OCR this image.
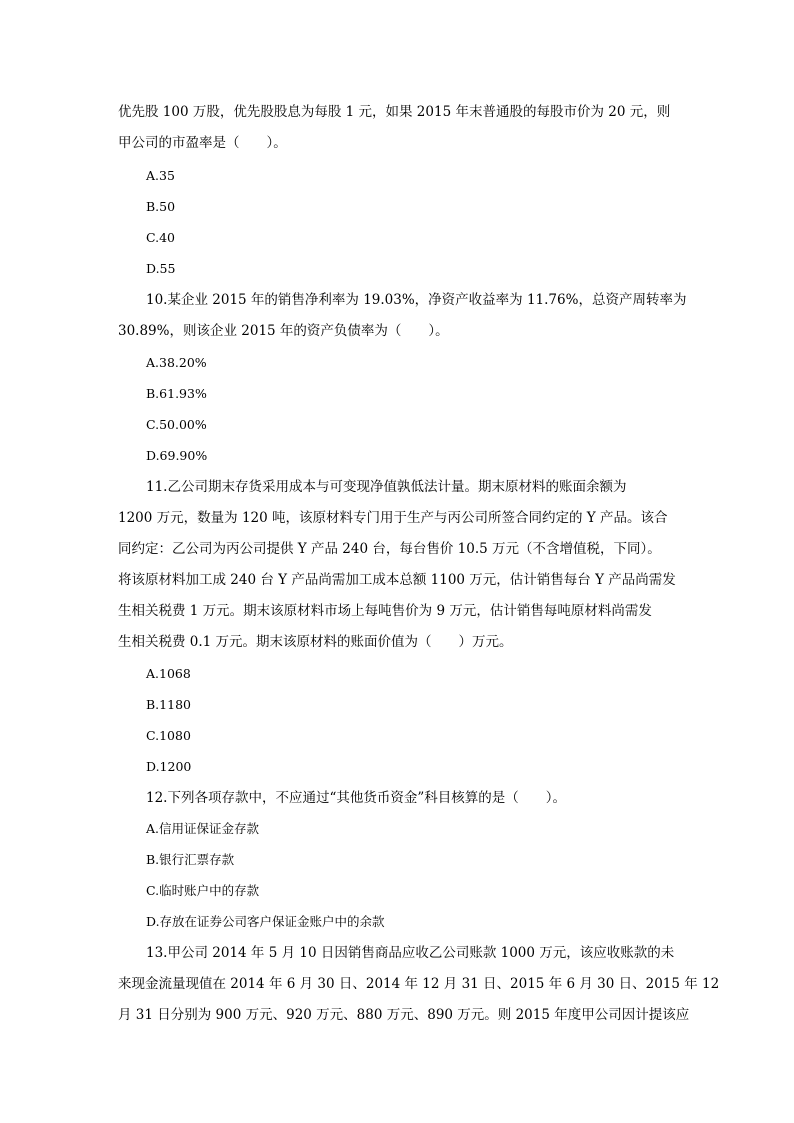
优先股 100 万股，优先股股息为每股 1 元，如果 2015 年末普通股的每股市价为 20 元，则
甲公司的市盈率是（　　）。
A.35
B.50
C.40
D.55
10.某企业 2015 年的销售净利率为 19.03%，净资产收益率为 11.76%，总资产周转率为
30.89%，则该企业 2015 年的资产负债率为（　　）。
A.38.20%
B.61.93%
C.50.00%
D.69.90%
11.乙公司期末存货采用成本与可变现净值孰低法计量。期末原材料的账面余额为
1200 万元，数量为 120 吨，该原材料专门用于生产与丙公司所签合同约定的 Y 产品。该合
同约定：乙公司为丙公司提供 Y 产品 240 台，每台售价 10.5 万元（不含增值税，下同）。
将该原材料加工成 240 台 Y 产品尚需加工成本总额 1100 万元，估计销售每台 Y 产品尚需发
生相关税费 1 万元。期末该原材料市场上每吨售价为 9 万元，估计销售每吨原材料尚需发
生相关税费 0.1 万元。期末该原材料的账面价值为（　　）万元。
A.1068
B.1180
C.1080
D.1200
12.下列各项存款中，不应通过“其他货币资金”科目核算的是（　　）。
A.信用证保证金存款
B.银行汇票存款
C.临时账户中的存款
D.存放在证券公司客户保证金账户中的余款
13.甲公司 2014 年 5 月 10 日因销售商品应收乙公司账款 1000 万元，该应收账款的未
来现金流量现值在 2014 年 6 月 30 日、2014 年 12 月 31 日、2015 年 6 月 30 日、2015 年 12
月 31 日分别为 900 万元、920 万元、880 万元、890 万元。则 2015 年度甲公司因计提该应
